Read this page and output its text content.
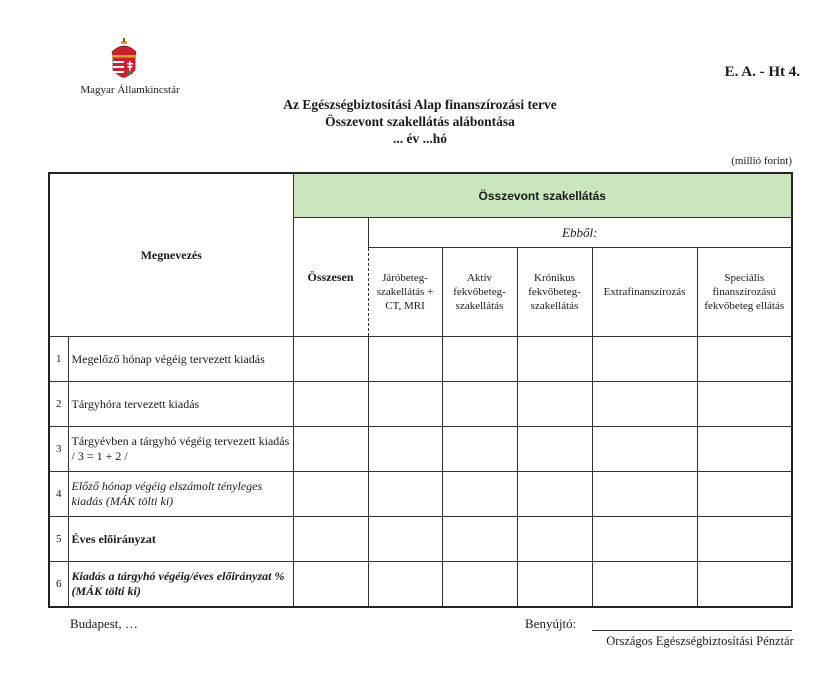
Magyar Államkincstár
E. A. - Ht 4.
Az Egészségbiztosítási Alap finanszírozási terve
Összevont szakellátás alábontása
... év ...hó
(millió forint)
Megnevezés		Összevont szakellátás					
		Összesen	Ebből:				
			Járóbeteg-szakellátás + CT, MRI	Aktív fekvőbeteg-szakellátás	Krónikus fekvőbeteg-szakellátás	Extrafinanszírozás	Speciális finanszírozású fekvőbeteg ellátás
1	Megelőző hónap végéig tervezett kiadás						
2	Tárgyhóra tervezett kiadás						
3	Tárgyévben a tárgyhó végéig tervezett kiadás / 3 = 1 + 2 /						
4	Előző hónap végéig elszámolt tényleges kiadás (MÁK tölti ki)						
5	Éves előirányzat						
6	Kiadás a tárgyhó végéig/éves előirányzat % (MÁK tölti ki)						
Budapest, …	Benyújtó:
Országos Egészségbiztosítási Pénztár
